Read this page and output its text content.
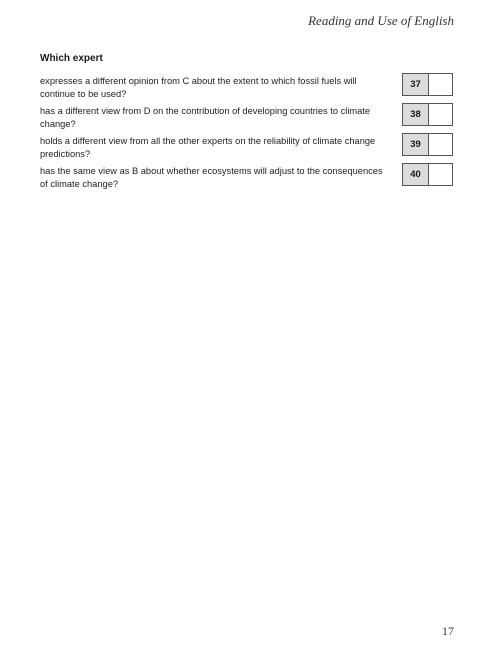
Reading and Use of English
Which expert
expresses a different opinion from C about the extent to which fossil fuels will continue to be used?
37
has a different view from D on the contribution of developing countries to climate change?
38
holds a different view from all the other experts on the reliability of climate change predictions?
39
has the same view as B about whether ecosystems will adjust to the consequences of climate change?
40
17
